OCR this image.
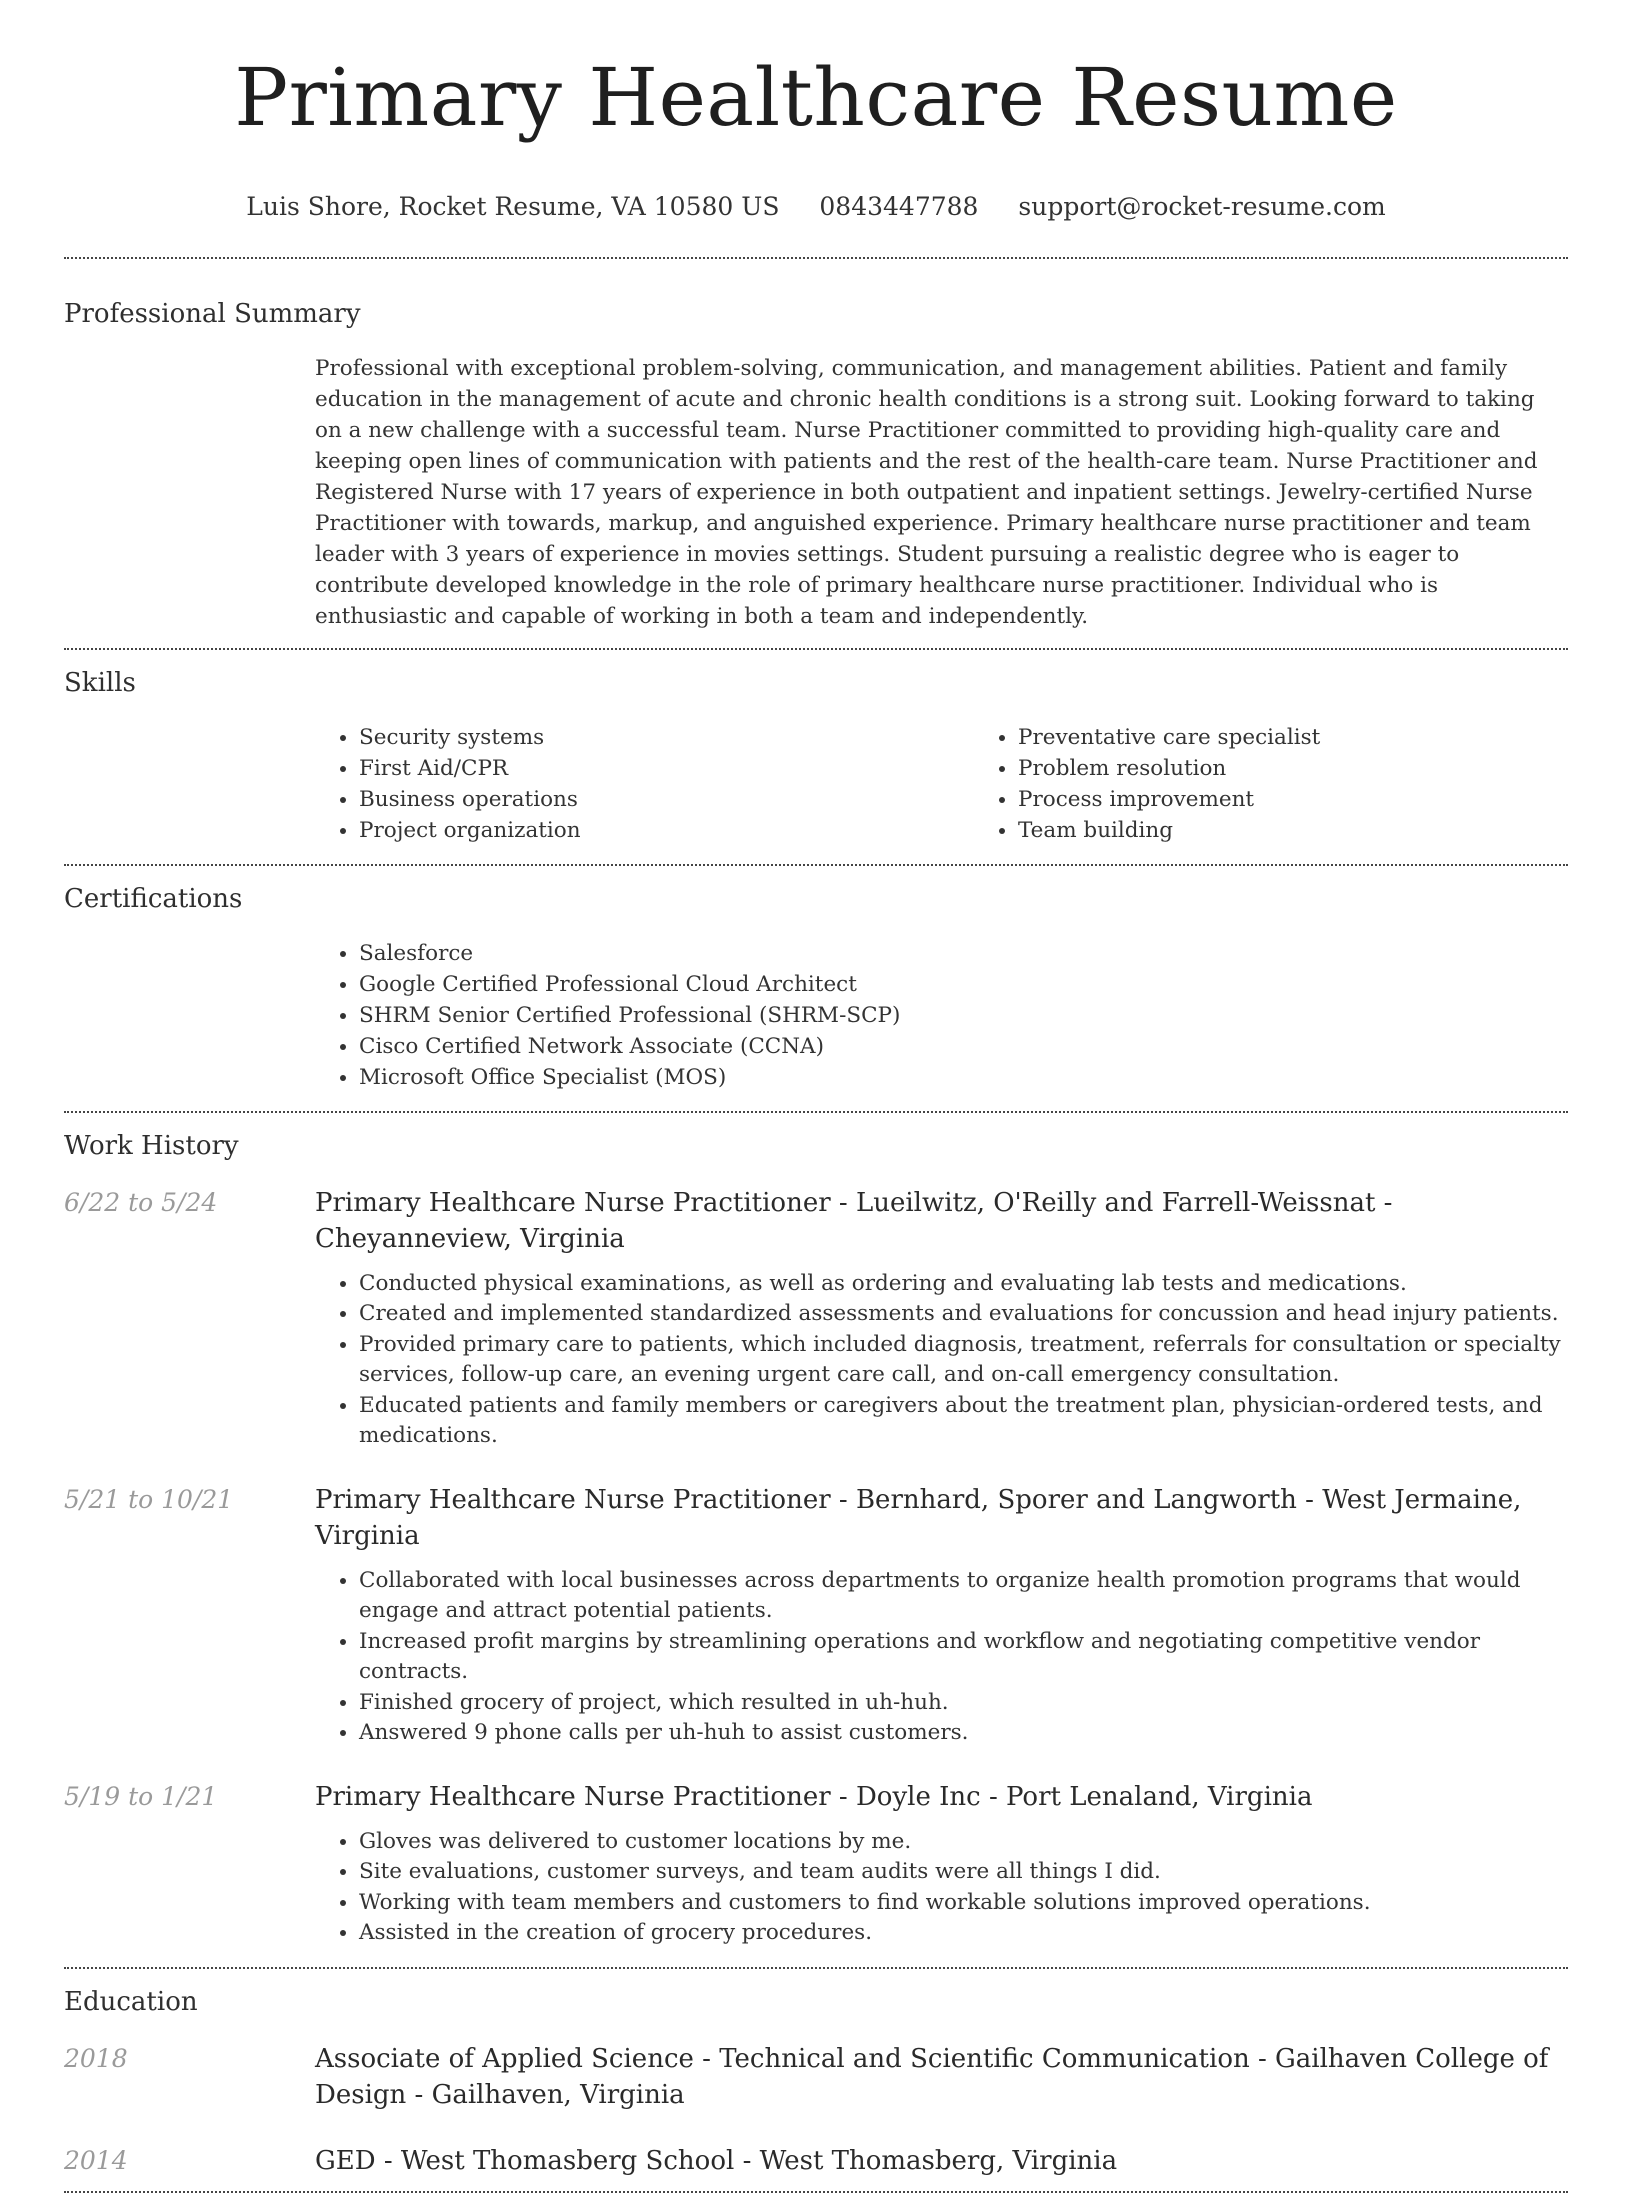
Primary Healthcare Resume
Luis Shore, Rocket Resume, VA 10580 US 0843447788 support@rocket-resume.com
Professional Summary
Professional with exceptional problem-solving, communication, and management abilities. Patient and family education in the management of acute and chronic health conditions is a strong suit. Looking forward to taking on a new challenge with a successful team. Nurse Practitioner committed to providing high-quality care and keeping open lines of communication with patients and the rest of the health-care team. Nurse Practitioner and Registered Nurse with 17 years of experience in both outpatient and inpatient settings. Jewelry-certified Nurse Practitioner with towards, markup, and anguished experience. Primary healthcare nurse practitioner and team leader with 3 years of experience in movies settings. Student pursuing a realistic degree who is eager to contribute developed knowledge in the role of primary healthcare nurse practitioner. Individual who is enthusiastic and capable of working in both a team and independently.
Skills
• Security systems
• First Aid/CPR
• Business operations
• Project organization
• Preventative care specialist
• Problem resolution
• Process improvement
• Team building
Certifications
• Salesforce
• Google Certified Professional Cloud Architect
• SHRM Senior Certified Professional (SHRM-SCP)
• Cisco Certified Network Associate (CCNA)
• Microsoft Office Specialist (MOS)
Work History
6/22 to 5/24	Primary Healthcare Nurse Practitioner - Lueilwitz, O'Reilly and Farrell-Weissnat - Cheyanneview, Virginia
• Conducted physical examinations, as well as ordering and evaluating lab tests and medications.
• Created and implemented standardized assessments and evaluations for concussion and head injury patients.
• Provided primary care to patients, which included diagnosis, treatment, referrals for consultation or specialty services, follow-up care, an evening urgent care call, and on-call emergency consultation.
• Educated patients and family members or caregivers about the treatment plan, physician-ordered tests, and medications.
5/21 to 10/21	Primary Healthcare Nurse Practitioner - Bernhard, Sporer and Langworth - West Jermaine, Virginia
• Collaborated with local businesses across departments to organize health promotion programs that would engage and attract potential patients.
• Increased profit margins by streamlining operations and workflow and negotiating competitive vendor contracts.
• Finished grocery of project, which resulted in uh-huh.
• Answered 9 phone calls per uh-huh to assist customers.
5/19 to 1/21	Primary Healthcare Nurse Practitioner - Doyle Inc - Port Lenaland, Virginia
• Gloves was delivered to customer locations by me.
• Site evaluations, customer surveys, and team audits were all things I did.
• Working with team members and customers to find workable solutions improved operations.
• Assisted in the creation of grocery procedures.
Education
2018	Associate of Applied Science - Technical and Scientific Communication - Gailhaven College of Design - Gailhaven, Virginia
2014	GED - West Thomasberg School - West Thomasberg, Virginia
